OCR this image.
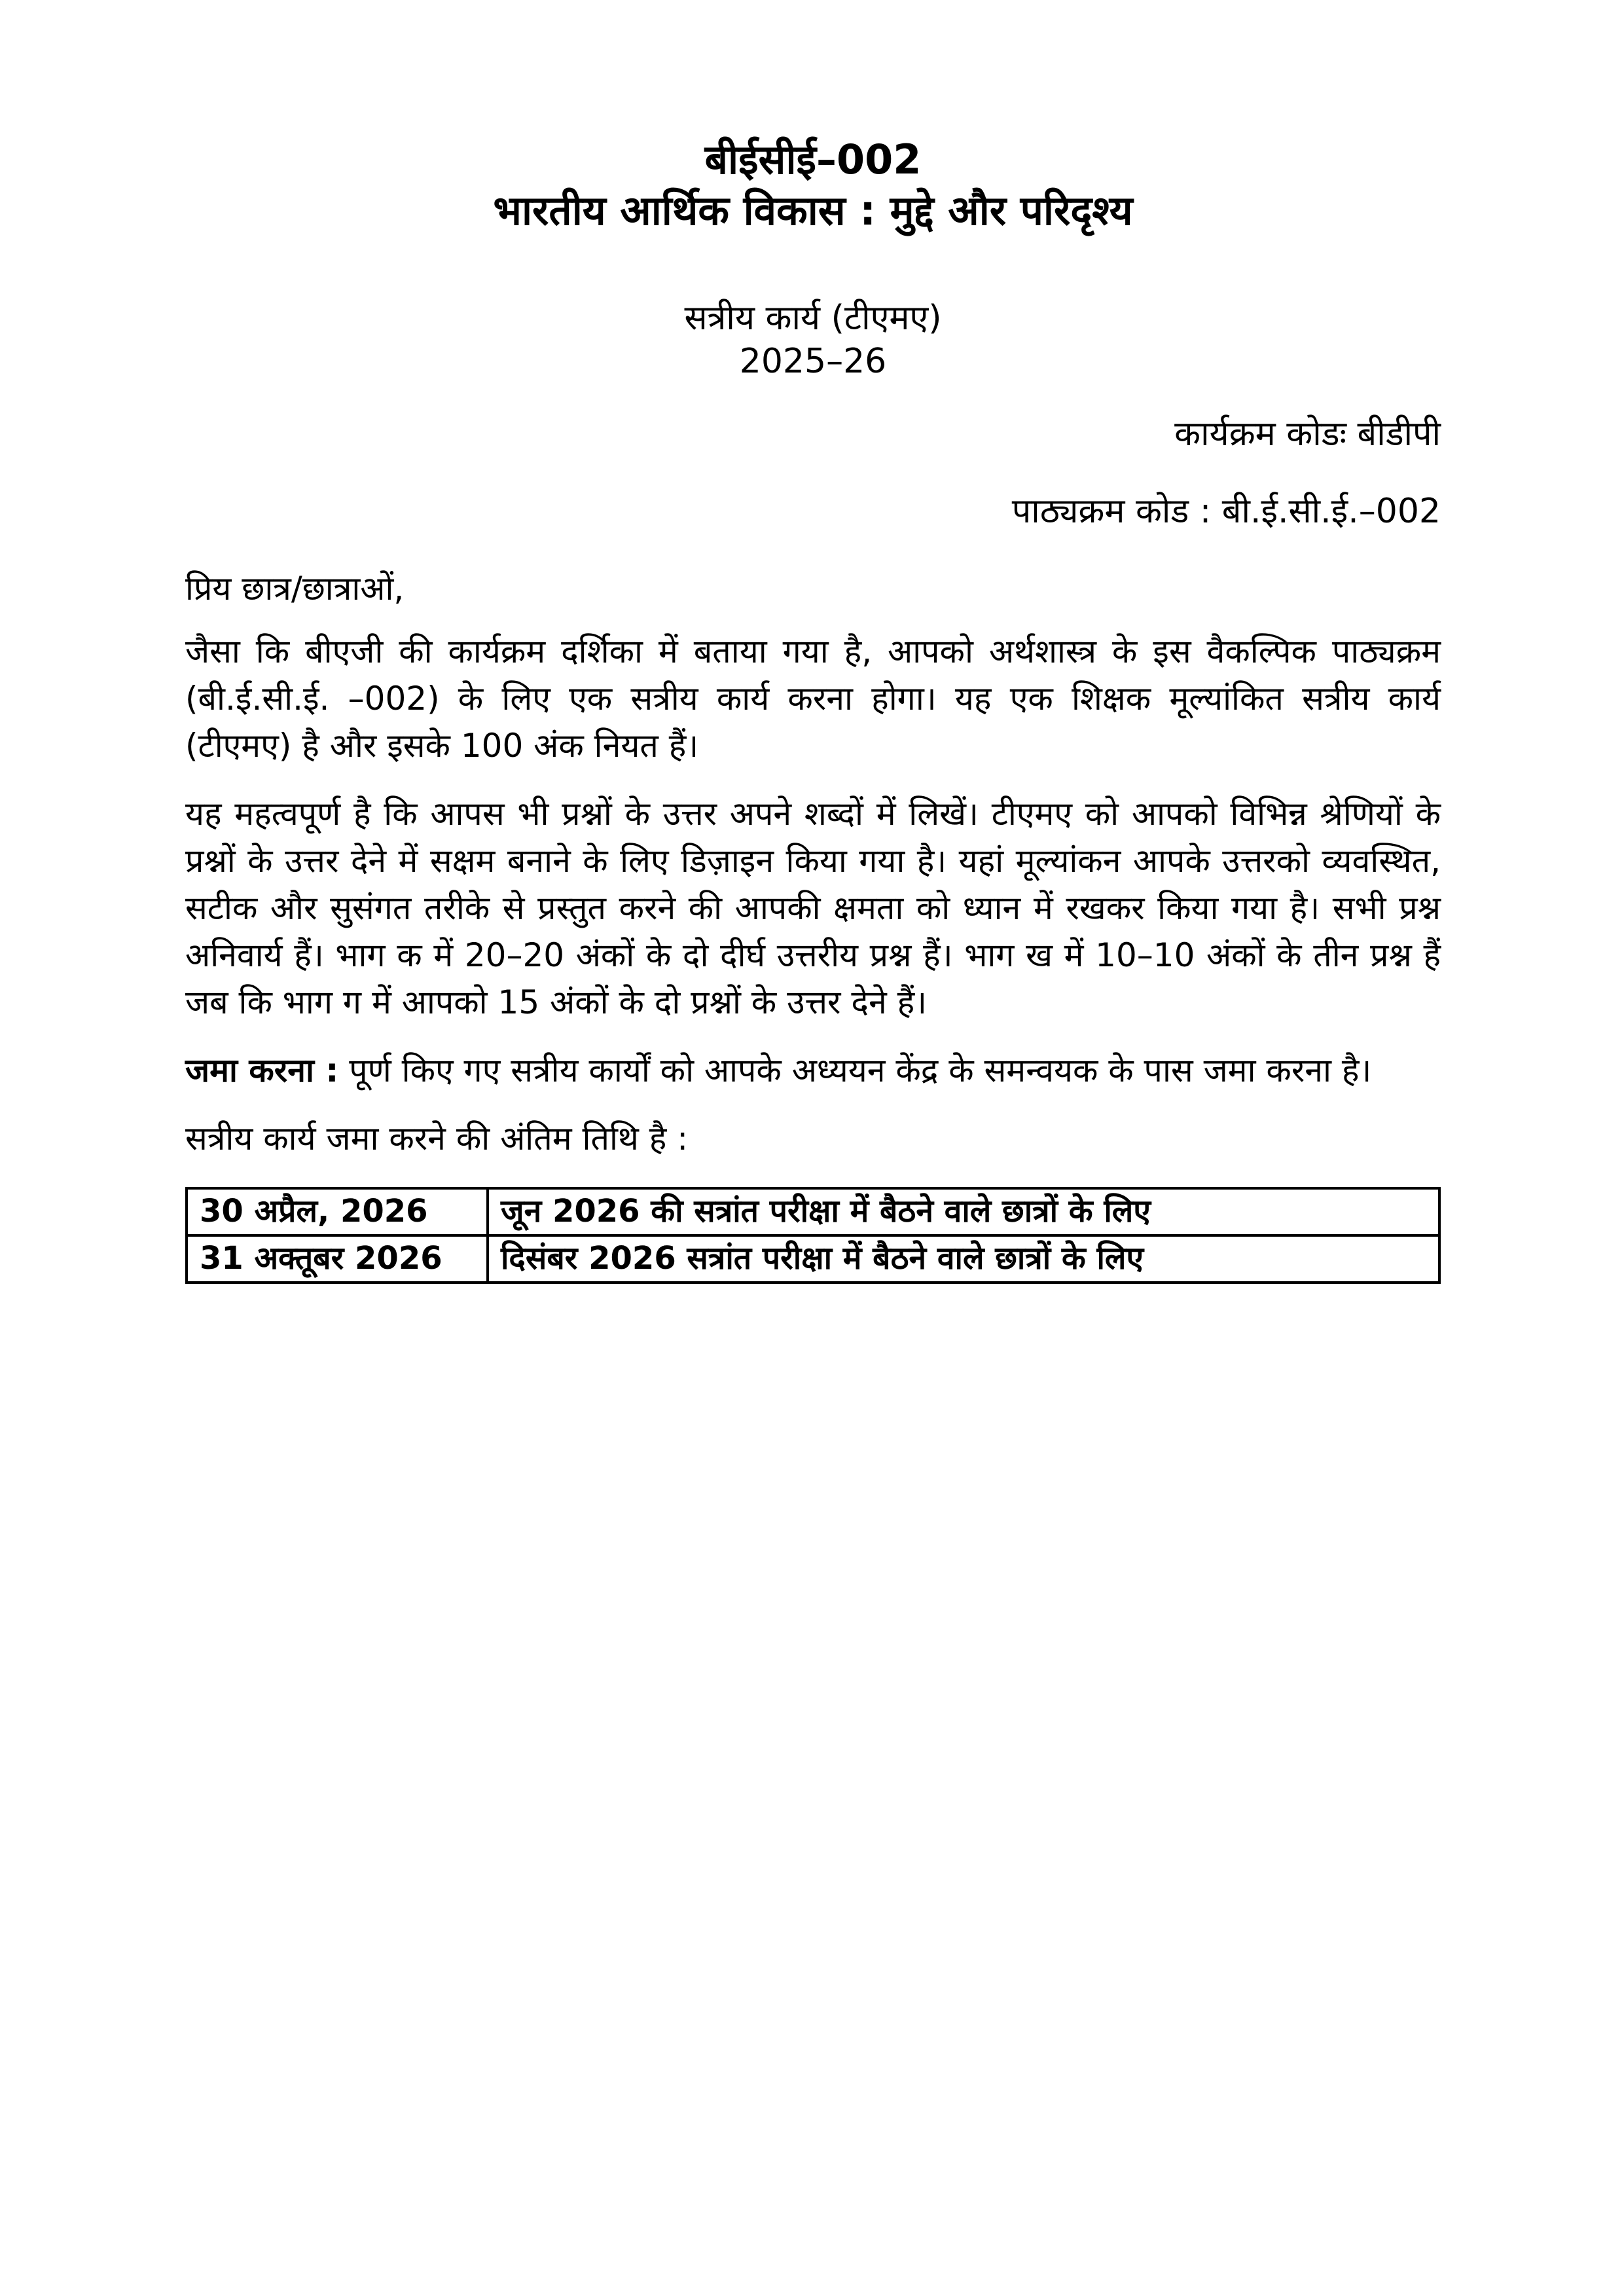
बीईसीई–002
भारतीय आर्थिक विकास : मुद्दे और परिदृश्य
सत्रीय कार्य (टीएमए)
2025–26
कार्यक्रम कोडः बीडीपी
पाठ्यक्रम कोड : बी.ई.सी.ई.–002
प्रिय छात्र/छात्राओं,

जैसा कि बीएजी की कार्यक्रम दर्शिका में बताया गया है, आपको अर्थशास्त्र के इस वैकल्पिक पाठ्यक्रम (बी.ई.सी.ई. –002) के लिए एक सत्रीय कार्य करना होगा। यह एक शिक्षक मूल्यांकित सत्रीय कार्य (टीएमए) है और इसके 100 अंक नियत हैं।

यह महत्वपूर्ण है कि आपस भी प्रश्नों के उत्तर अपने शब्दों में लिखें। टीएमए को आपको विभिन्न श्रेणियों के प्रश्नों के उत्तर देने में सक्षम बनाने के लिए डिज़ाइन किया गया है। यहां मूल्यांकन आपके उत्तरको व्यवस्थित, सटीक और सुसंगत तरीके से प्रस्तुत करने की आपकी क्षमता को ध्यान में रखकर किया गया है। सभी प्रश्न अनिवार्य हैं। भाग क में 20–20 अंकों के दो दीर्घ उत्तरीय प्रश्न हैं। भाग ख में 10–10 अंकों के तीन प्रश्न हैं जब कि भाग ग में आपको 15 अंकों के दो प्रश्नों के उत्तर देने हैं।

जमा करना : पूर्ण किए गए सत्रीय कार्यों को आपके अध्ययन केंद्र के समन्वयक के पास जमा करना है।

सत्रीय कार्य जमा करने की अंतिम तिथि है :
30 अप्रैल, 2026	जून 2026 की सत्रांत परीक्षा में बैठने वाले छात्रों के लिए
31 अक्तूबर 2026	दिसंबर 2026 सत्रांत परीक्षा में बैठने वाले छात्रों के लिए
